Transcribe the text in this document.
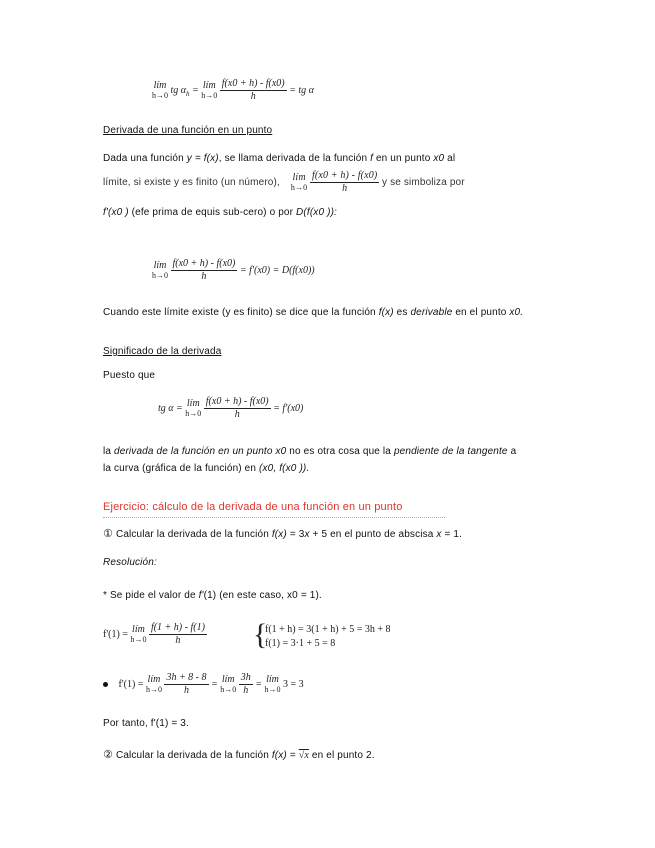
lím
h→0 tg $\alpha_h$ = lím
h→0
$\frac{f(x0 + h) - f(x0)}{h}$ = tg α
Derivada de una función en un punto
Dada una función y = f(x), se llama derivada de la función f en un punto x0 al
límite, si existe y es finito (un número), lím
h→0
$\frac{f(x0 + h) - f(x0)}{h}$ y se simboliza por
f'(x0 ) (efe prima de equis sub-cero) o por D(f(x0 )):
lím
h→0
$\frac{f(x0 + h) - f(x0)}{h} = f'(x0) = D(f(x0))$
Cuando este límite existe (y es finito) se dice que la función f(x) es derivable en el punto x0.
Significado de la derivada
Puesto que
tg α = lím
h→0
$\frac{f(x0 + h) - f(x0)}{h} = f'(x0)$
la derivada de la función en un punto x0 no es otra cosa que la pendiente de la tangente a
la curva (gráfica de la función) en (x0, f(x0 )).
Ejercicio: cálculo de la derivada de una función en un punto
① Calcular la derivada de la función f(x) = 3x + 5 en el punto de abscisa x = 1.
Resolución:
* Se pide el valor de f'(1) (en este caso, x0 = 1).
f'(1) = lím
h→0
$\frac{f(1 + h) - f(1)}{h}$ {
f(1 + h) = 3(1 + h) + 5 = 3h + 8
f(1) = 3·1 + 5 = 8
f'(1) = lím
h→0
$\frac{3h + 8 - 8}{h}$ = lím
h→0
$\frac{3h}{h}$ = lím
h→0 3 = 3
Por tanto, f'(1) = 3.
② Calcular la derivada de la función f(x) = √x en el punto 2.
